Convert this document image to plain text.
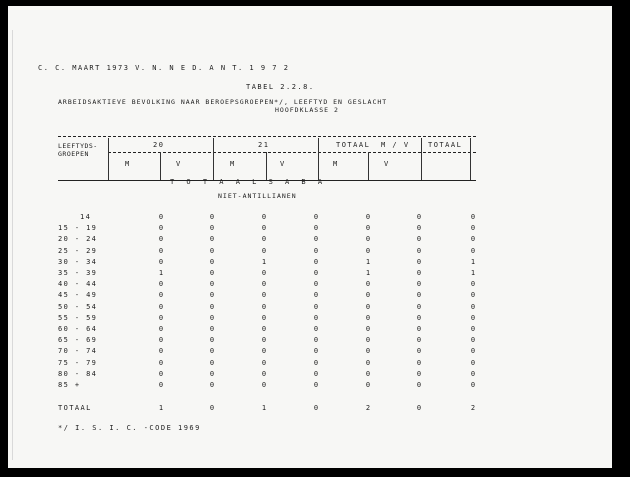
C. C. MAART 1973 V. N. N E D. A N T. 1 9 7 2
TABEL 2.2.8.
ARBEIDSAKTIEVE BEVOLKING NAAR BEROEPSGROEPEN*/, LEEFTYD EN GESLACHT
HOOFDKLASSE 2
LEEFTYDS-
GROEPEN
20	21	TOTAAL M / V	TOTAAL
M	V	M	V	M	V
T O T A A L S A B A
NIET-ANTILLIANEN
14	0	0	0	0	0	0	0
15 - 19	0	0	0	0	0	0	0
20 - 24	0	0	0	0	0	0	0
25 - 29	0	0	0	0	0	0	0
30 - 34	0	0	1	0	1	0	1
35 - 39	1	0	0	0	1	0	1
40 - 44	0	0	0	0	0	0	0
45 - 49	0	0	0	0	0	0	0
50 - 54	0	0	0	0	0	0	0
55 - 59	0	0	0	0	0	0	0
60 - 64	0	0	0	0	0	0	0
65 - 69	0	0	0	0	0	0	0
70 - 74	0	0	0	0	0	0	0
75 - 79	0	0	0	0	0	0	0
80 - 84	0	0	0	0	0	0	0
85 +	0	0	0	0	0	0	0
TOTAAL	1	0	1	0	2	0	2
*/ I. S. I. C. -CODE 1969
